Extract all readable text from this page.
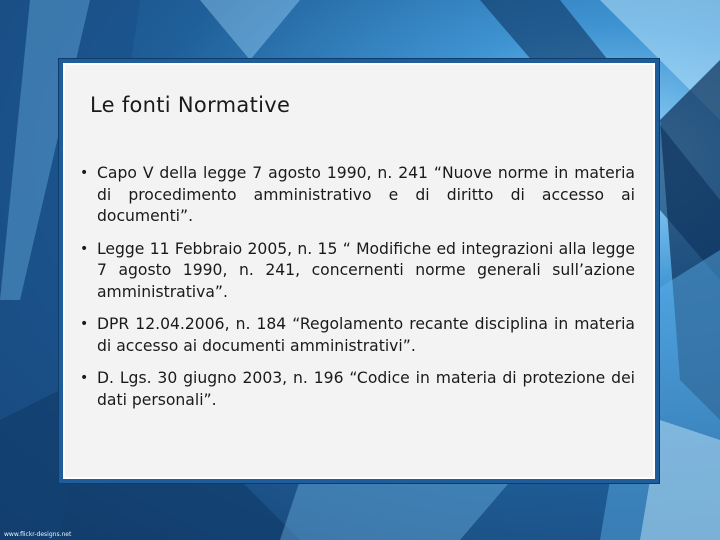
Le fonti Normative
• Capo V della legge 7 agosto 1990, n. 241 “Nuove norme in materia di procedimento amministrativo e di diritto di accesso ai documenti”.
• Legge 11 Febbraio 2005, n. 15 “ Modifiche ed integrazioni alla legge 7 agosto 1990, n. 241, concernenti norme generali sull’azione amministrativa”.
• DPR 12.04.2006, n. 184 “Regolamento recante disciplina in materia di accesso ai documenti amministrativi”.
• D. Lgs. 30 giugno 2003, n. 196 “Codice in materia di protezione dei dati personali”.
www.flickr-designs.net
